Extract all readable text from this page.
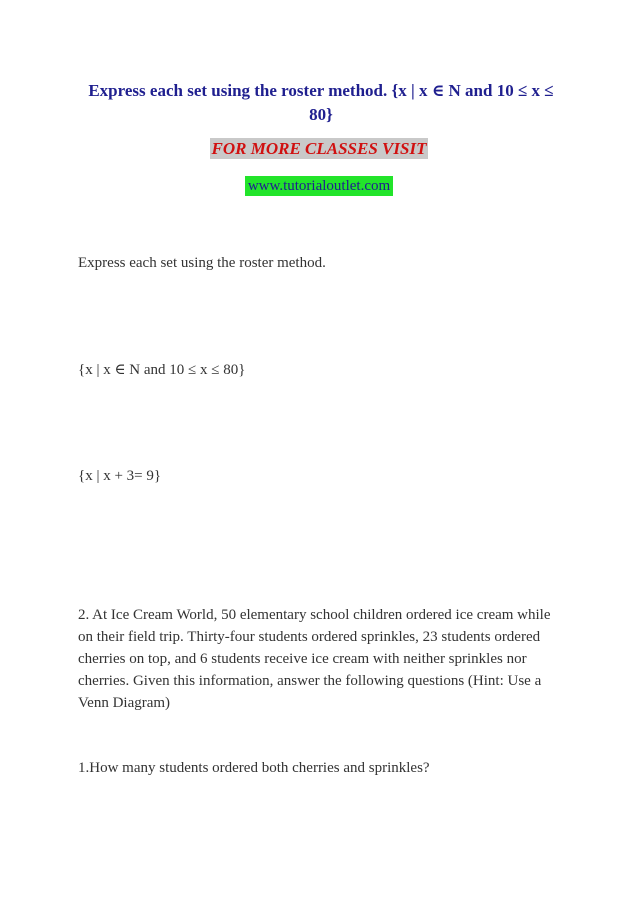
Express each set using the roster method. {x | x ∈ N and 10 ≤ x ≤ 80}
FOR MORE CLASSES VISIT
www.tutorialoutlet.com
Express each set using the roster method.
{x | x ∈ N and 10 ≤ x ≤ 80}
{x | x + 3= 9}
2. At Ice Cream World, 50 elementary school children ordered ice cream while on their field trip. Thirty-four students ordered sprinkles, 23 students ordered cherries on top, and 6 students receive ice cream with neither sprinkles nor cherries. Given this information, answer the following questions (Hint: Use a Venn Diagram)
1.How many students ordered both cherries and sprinkles?
